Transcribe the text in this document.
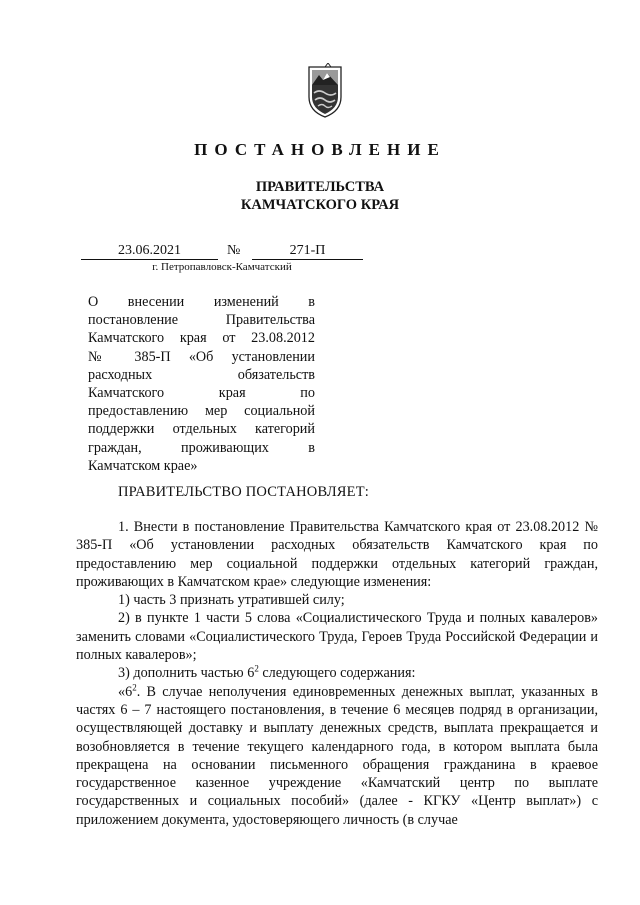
ПОСТАНОВЛЕНИЕ
ПРАВИТЕЛЬСТВА
КАМЧАТСКОГО КРАЯ
23.06.2021	№	271-П
г. Петропавловск-Камчатский
О внесении изменений в
постановление Правительства
Камчатского края от 23.08.2012
№ 385-П «Об установлении
расходных обязательств
Камчатского края по
предоставлению мер социальной
поддержки отдельных категорий
граждан, проживающих в
Камчатском крае»
ПРАВИТЕЛЬСТВО ПОСТАНОВЛЯЕТ:

1. Внести в постановление Правительства Камчатского края от 23.08.2012 № 385-П «Об установлении расходных обязательств Камчатского края по предоставлению мер социальной поддержки отдельных категорий граждан, проживающих в Камчатском крае» следующие изменения:

1) часть 3 признать утратившей силу;

2) в пункте 1 части 5 слова «Социалистического Труда и полных кавалеров» заменить словами «Социалистического Труда, Героев Труда Российской Федерации и полных кавалеров»;

3) дополнить частью $6^2$ следующего содержания:

«$6^2$. В случае неполучения единовременных денежных выплат, указанных в частях 6 – 7 настоящего постановления, в течение 6 месяцев подряд в организации, осуществляющей доставку и выплату денежных средств, выплата прекращается и возобновляется в течение текущего календарного года, в котором выплата была прекращена на основании письменного обращения гражданина в краевое государственное казенное учреждение «Камчатский центр по выплате государственных и социальных пособий» (далее - КГКУ «Центр выплат») с приложением документа, удостоверяющего личность (в случае
